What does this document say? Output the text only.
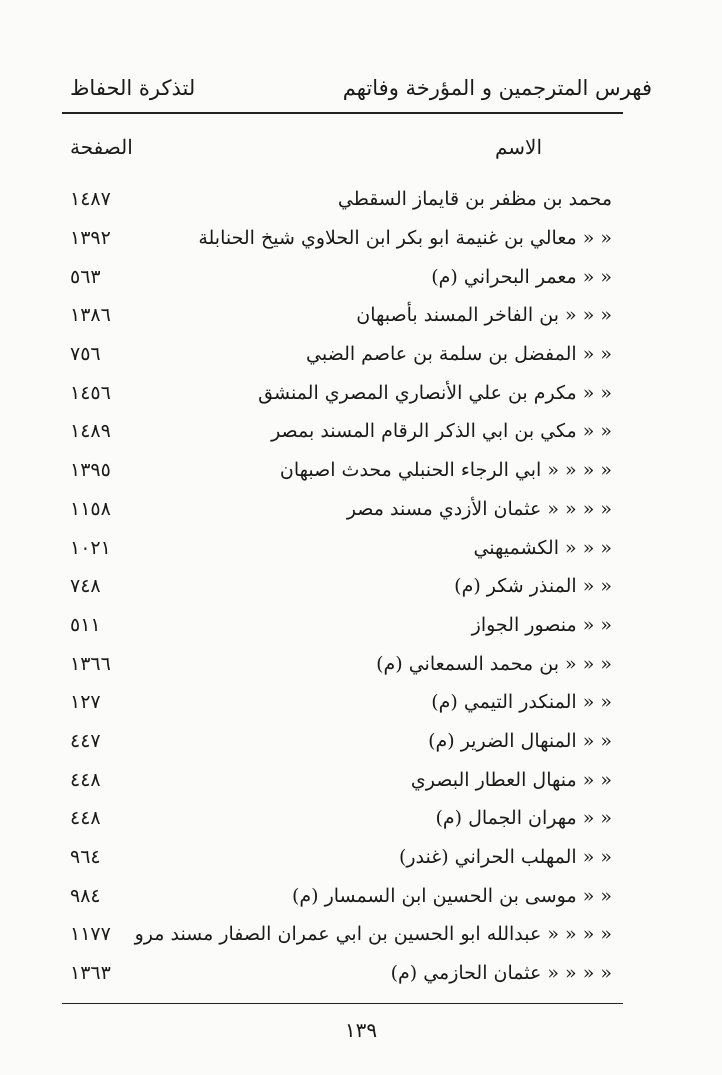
فهرس المترجمين و المؤرخة وفاتهم
لتذكرة الحفاظ
الاسم
الصفحة
محمد بن مظفر بن قايماز السقطي
١٤٨٧
« « معالي بن غنيمة ابو بكر ابن الحلاوي شيخ الحنابلة
١٣٩٢
« « معمر البحراني (م)
٥٦٣
« « « بن الفاخر المسند بأصبهان
١٣٨٦
« « المفضل بن سلمة بن عاصم الضبي
٧٥٦
« « مكرم بن علي الأنصاري المصري المنشق
١٤٥٦
« « مكي بن ابي الذكر الرقام المسند بمصر
١٤٨٩
« « « « ابي الرجاء الحنبلي محدث اصبهان
١٣٩٥
« « « « عثمان الأزدي مسند مصر
١١٥٨
« « « الكشميهني
١٠٢١
« « المنذر شكر (م)
٧٤٨
« « منصور الجواز
٥١١
« « « بن محمد السمعاني (م)
١٣٦٦
« « المنكدر التيمي (م)
١٢٧
« « المنهال الضرير (م)
٤٤٧
« « منهال العطار البصري
٤٤٨
« « مهران الجمال (م)
٤٤٨
« « المهلب الحراني (غندر)
٩٦٤
« « موسى بن الحسين ابن السمسار (م)
٩٨٤
« « « « عبدالله ابو الحسين بن ابي عمران الصفار مسند مرو
١١٧٧
« « « « عثمان الحازمي (م)
١٣٦٣
١٣٩
